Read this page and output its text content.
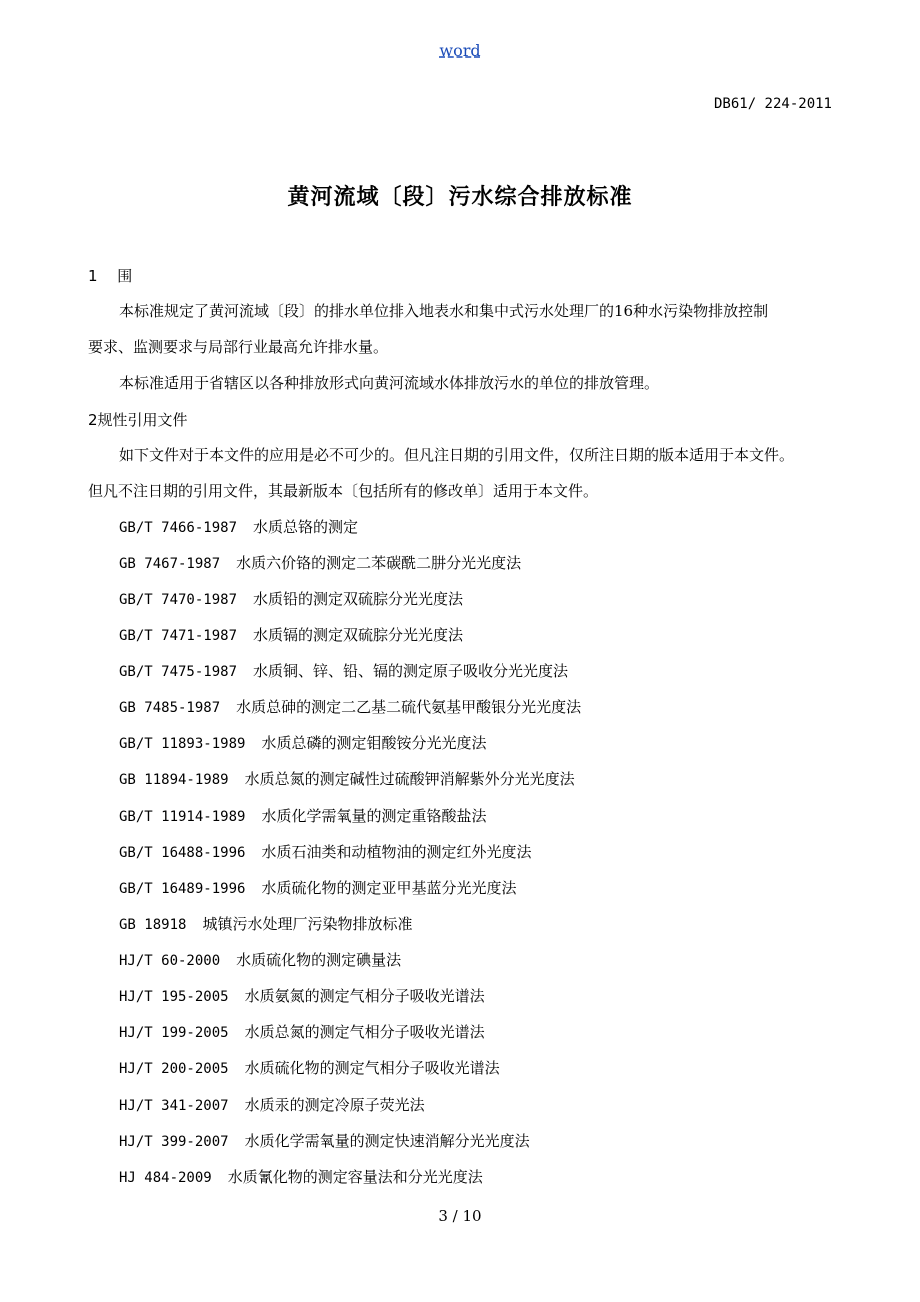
word
DB61/ 224-2011
黄河流域〔段〕污水综合排放标准
1　 围
本标准规定了黄河流域〔段〕的排水单位排入地表水和集中式污水处理厂的16种水污染物排放控制
要求、监测要求与局部行业最高允许排水量。
本标准适用于省辖区以各种排放形式向黄河流域水体排放污水的单位的排放管理。
2规性引用文件
如下文件对于本文件的应用是必不可少的。但凡注日期的引用文件，仅所注日期的版本适用于本文件。
但凡不注日期的引用文件，其最新版本〔包括所有的修改单〕适用于本文件。
GB/T 7466-1987 水质总铬的测定
GB 7467-1987 水质六价铬的测定二苯碳酰二肼分光光度法
GB/T 7470-1987 水质铅的测定双硫腙分光光度法
GB/T 7471-1987 水质镉的测定双硫腙分光光度法
GB/T 7475-1987 水质铜、锌、铅、镉的测定原子吸收分光光度法
GB 7485-1987 水质总砷的测定二乙基二硫代氨基甲酸银分光光度法
GB/T 11893-1989 水质总磷的测定钼酸铵分光光度法
GB 11894-1989 水质总氮的测定碱性过硫酸钾消解紫外分光光度法
GB/T 11914-1989 水质化学需氧量的测定重铬酸盐法
GB/T 16488-1996 水质石油类和动植物油的测定红外光度法
GB/T 16489-1996 水质硫化物的测定亚甲基蓝分光光度法
GB 18918 城镇污水处理厂污染物排放标准
HJ/T 60-2000 水质硫化物的测定碘量法
HJ/T 195-2005 水质氨氮的测定气相分子吸收光谱法
HJ/T 199-2005 水质总氮的测定气相分子吸收光谱法
HJ/T 200-2005 水质硫化物的测定气相分子吸收光谱法
HJ/T 341-2007 水质汞的测定冷原子荧光法
HJ/T 399-2007 水质化学需氧量的测定快速消解分光光度法
HJ 484-2009 水质氰化物的测定容量法和分光光度法
3 / 10
